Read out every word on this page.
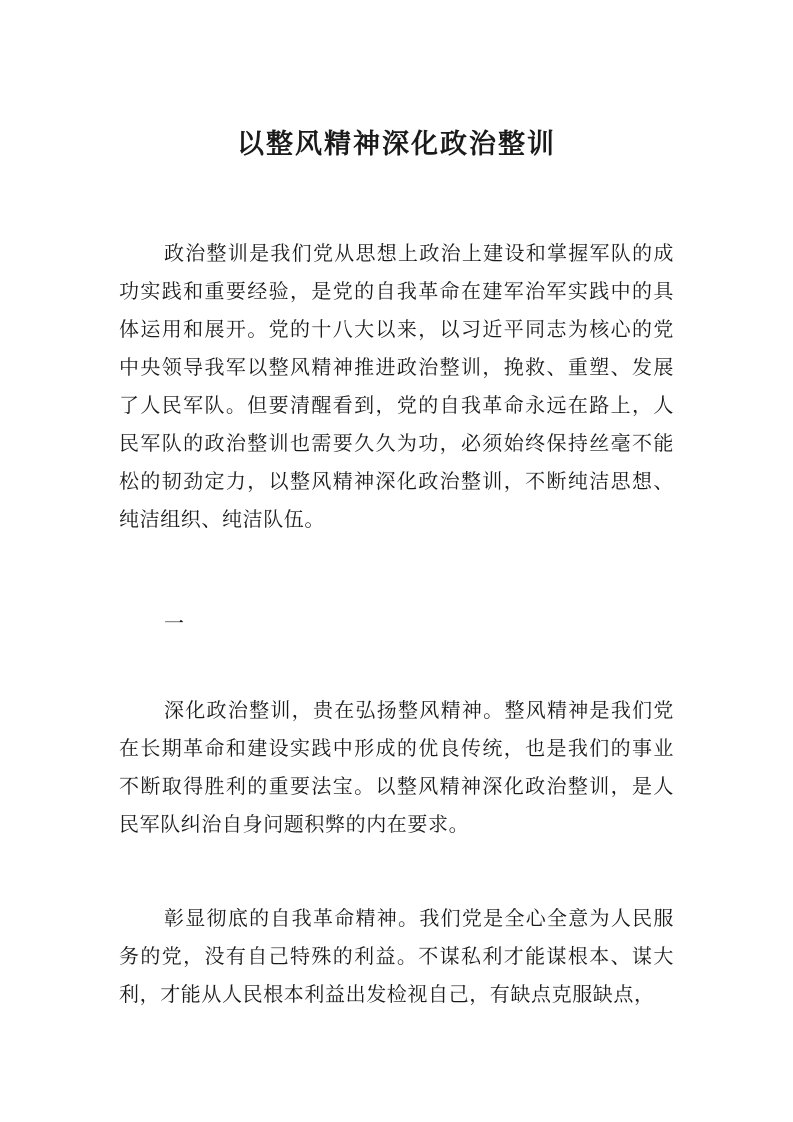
以整风精神深化政治整训

政治整训是我们党从思想上政治上建设和掌握军队的成功实践和重要经验，是党的自我革命在建军治军实践中的具体运用和展开。党的十八大以来，以习近平同志为核心的党中央领导我军以整风精神推进政治整训，挽救、重塑、发展了人民军队。但要清醒看到，党的自我革命永远在路上，人民军队的政治整训也需要久久为功，必须始终保持丝毫不能松的韧劲定力，以整风精神深化政治整训，不断纯洁思想、纯洁组织、纯洁队伍。

一

深化政治整训，贵在弘扬整风精神。整风精神是我们党在长期革命和建设实践中形成的优良传统，也是我们的事业不断取得胜利的重要法宝。以整风精神深化政治整训，是人民军队纠治自身问题积弊的内在要求。

彰显彻底的自我革命精神。我们党是全心全意为人民服务的党，没有自己特殊的利益。不谋私利才能谋根本、谋大利，才能从人民根本利益出发检视自己，有缺点克服缺点，
